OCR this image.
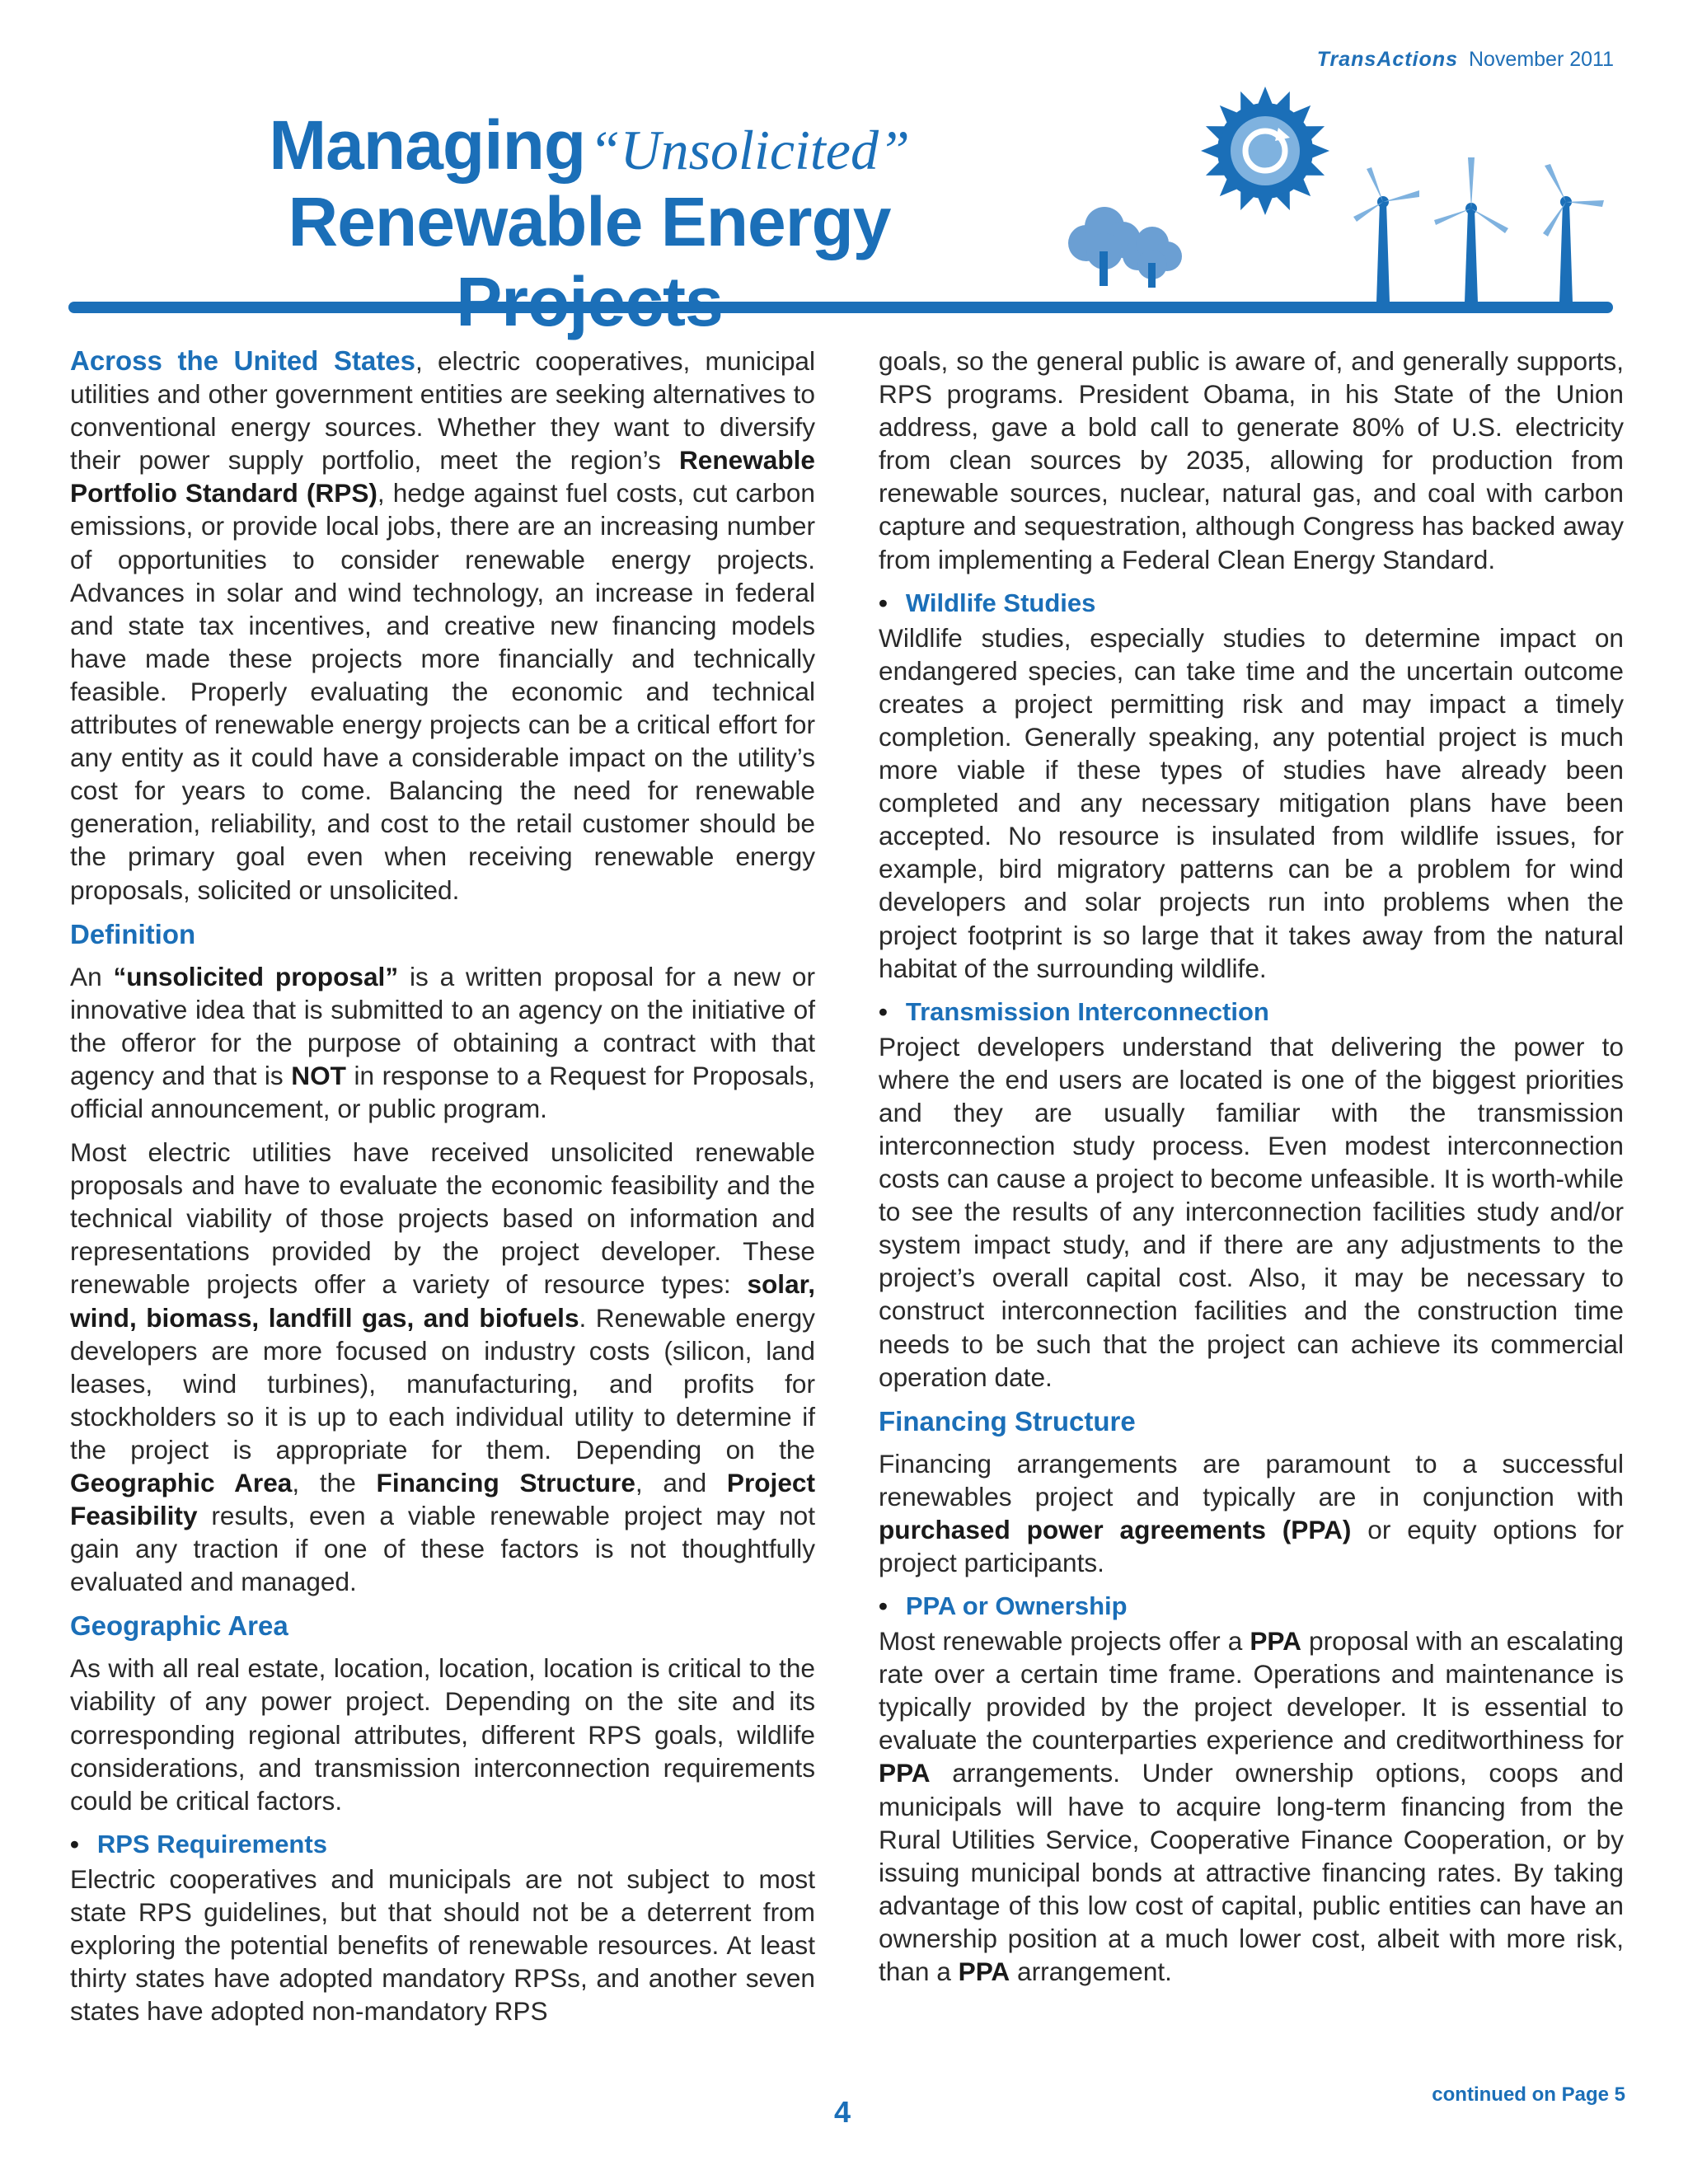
TransActions November 2011
Managing “Unsolicited”
Renewable Energy

Across the United States, electric cooperatives, municipal utilities and other government entities are seeking alternatives to conventional energy sources. Whether they want to diversify their power supply portfolio, meet the region’s Renewable Portfolio Standard (RPS), hedge against fuel costs, cut carbon emissions, or provide local jobs, there are an increasing number of opportunities to consider renewable energy projects. Advances in solar and wind technology, an increase in federal and state tax incentives, and creative new financing models have made these projects more financially and technically feasible. Properly evaluating the economic and technical attributes of renewable energy projects can be a critical effort for any entity as it could have a considerable impact on the utility’s cost for years to come. Balancing the need for renewable generation, reliability, and cost to the retail customer should be the primary goal even when receiving renewable energy proposals, solicited or unsolicited.

Definition

An “unsolicited proposal” is a written proposal for a new or innovative idea that is submitted to an agency on the initiative of the offeror for the purpose of obtaining a contract with that agency and that is NOT in response to a Request for Proposals, official announcement, or public program.

Most electric utilities have received unsolicited renewable proposals and have to evaluate the economic feasibility and the technical viability of those projects based on information and representations provided by the project developer. These renewable projects offer a variety of resource types: solar, wind, biomass, landfill gas, and biofuels. Renewable energy developers are more focused on industry costs (silicon, land leases, wind turbines), manufacturing, and profits for stockholders so it is up to each individual utility to determine if the project is appropriate for them. Depending on the Geographic Area, the Financing Structure, and Project Feasibility results, even a viable renewable project may not gain any traction if one of these factors is not thoughtfully evaluated and managed.

Geographic Area

As with all real estate, location, location, location is critical to the viability of any power project. Depending on the site and its corresponding regional attributes, different RPS goals, wildlife considerations, and transmission interconnection requirements could be critical factors.

• RPS Requirements

Electric cooperatives and municipals are not subject to most state RPS guidelines, but that should not be a deterrent from exploring the potential benefits of renewable resources. At least thirty states have adopted mandatory RPSs, and another seven states have adopted non-mandatory RPS

goals, so the general public is aware of, and generally supports, RPS programs. President Obama, in his State of the Union address, gave a bold call to generate 80% of U.S. electricity from clean sources by 2035, allowing for production from renewable sources, nuclear, natural gas, and coal with carbon capture and sequestration, although Congress has backed away from implementing a Federal Clean Energy Standard.

• Wildlife Studies

Wildlife studies, especially studies to determine impact on endangered species, can take time and the uncertain outcome creates a project permitting risk and may impact a timely completion. Generally speaking, any potential project is much more viable if these types of studies have already been completed and any necessary mitigation plans have been accepted. No resource is insulated from wildlife issues, for example, bird migratory patterns can be a problem for wind developers and solar projects run into problems when the project footprint is so large that it takes away from the natural habitat of the surrounding wildlife.

• Transmission Interconnection

Project developers understand that delivering the power to where the end users are located is one of the biggest priorities and they are usually familiar with the transmission interconnection study process. Even modest interconnection costs can cause a project to become unfeasible. It is worth-while to see the results of any interconnection facilities study and/or system impact study, and if there are any adjustments to the project’s overall capital cost. Also, it may be necessary to construct interconnection facilities and the construction time needs to be such that the project can achieve its commercial operation date.

Financing Structure

Financing arrangements are paramount to a successful renewables project and typically are in conjunction with purchased power agreements (PPA) or equity options for project participants.

• PPA or Ownership

Most renewable projects offer a PPA proposal with an escalating rate over a certain time frame. Operations and maintenance is typically provided by the project developer. It is essential to evaluate the counterparties experience and creditworthiness for PPA arrangements. Under ownership options, coops and municipals will have to acquire long-term financing from the Rural Utilities Service, Cooperative Finance Cooperation, or by issuing municipal bonds at attractive financing rates. By taking advantage of this low cost of capital, public entities can have an ownership position at a much lower cost, albeit with more risk, than a PPA arrangement.

continued on Page 5
4
